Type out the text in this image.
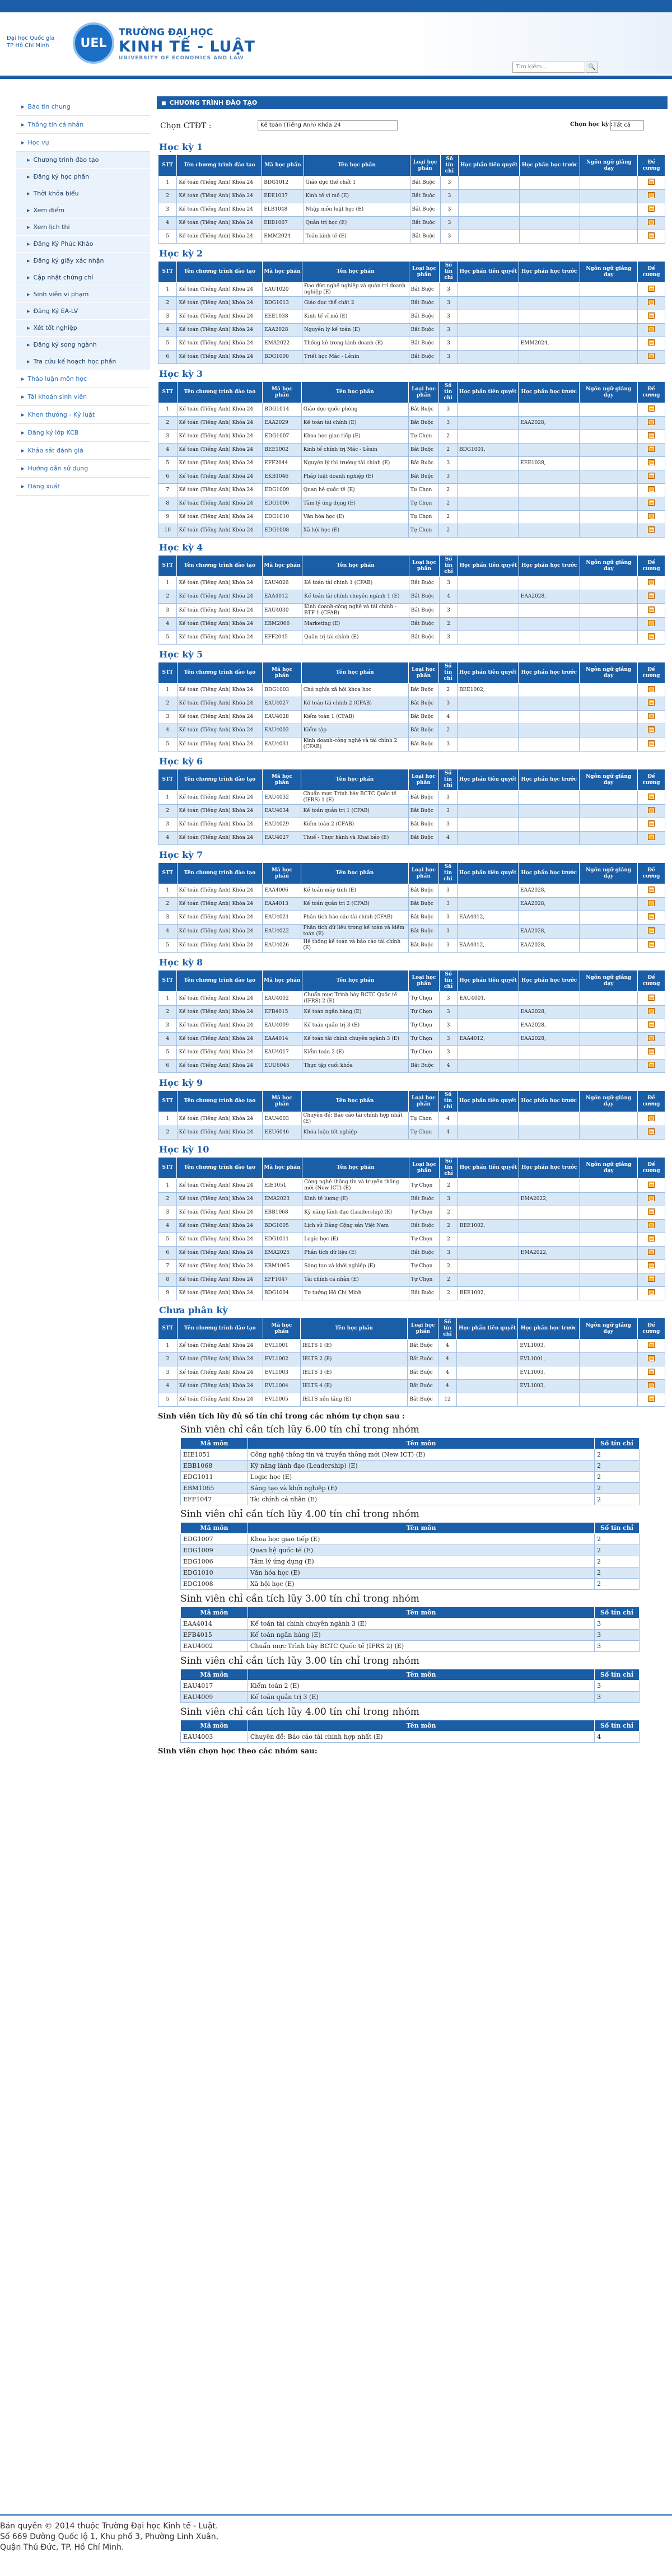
Đại học Quốc gia
TP Hồ Chí Minh	UEL
TRƯỜNG ĐẠI HỌC
KINH TẾ - LUẬT
UNIVERSITY OF ECONOMICS AND LAW
Tìm kiếm...	🔍
▸ Báo tin chung
▸ Thông tin cá nhân
▸ Học vụ
▸ Chương trình đào tạo
▸ Đăng ký học phần
▸ Thời khóa biểu
▸ Xem điểm
▸ Xem lịch thi
▸ Đăng Ký Phúc Khảo
▸ Đăng ký giấy xác nhận
▸ Cập nhật chứng chỉ
▸ Sinh viên vi phạm
▸ Đăng Ký EA-LV
▸ Xét tốt nghiệp
▸ Đăng ký song ngành
▸ Tra cứu kế hoạch học phần
▸ Thảo luận môn học
▸ Tài khoản sinh viên
▸ Khen thưởng - Kỷ luật
▸ Đăng ký lớp KCB
▸ Khảo sát đánh giá
▸ Hướng dẫn sử dụng
▸ Đăng xuất
■ CHƯƠNG TRÌNH ĐÀO TẠO
Chọn CTĐT :	Kế toán (Tiếng Anh) Khóa 24	Chọn học kỳ : Tất cả
Học kỳ 1
STT	Tên chương trình đào tạo	Mã học phần	Tên học phần	Loại học phần	Số tín chỉ	Học phần tiên quyết	Học phần học trước	Ngôn ngữ giảng dạy	Đề cương
1	Kế toán (Tiếng Anh) Khóa 24	BDG1012	Giáo dục thể chất 1	Bắt Buộc	3				
2	Kế toán (Tiếng Anh) Khóa 24	EEE1037	Kinh tế vi mô (E)	Bắt Buộc	3				
3	Kế toán (Tiếng Anh) Khóa 24	ELB1048	Nhập môn luật học (E)	Bắt Buộc	3				
4	Kế toán (Tiếng Anh) Khóa 24	EBB1067	Quản trị học (E)	Bắt Buộc	3				
5	Kế toán (Tiếng Anh) Khóa 24	EMM2024	Toán kinh tế (E)	Bắt Buộc	3				
Học kỳ 2
STT	Tên chương trình đào tạo	Mã học phần	Tên học phần	Loại học phần	Số tín chỉ	Học phần tiên quyết	Học phần học trước	Ngôn ngữ giảng dạy	Đề cương
1	Kế toán (Tiếng Anh) Khóa 24	EAU1020	Đạo đức nghề nghiệp và quản trị doanh nghiệp (E)	Bắt Buộc	3				
2	Kế toán (Tiếng Anh) Khóa 24	BDG1013	Giáo dục thể chất 2	Bắt Buộc	3				
3	Kế toán (Tiếng Anh) Khóa 24	EEE1038	Kinh tế vĩ mô (E)	Bắt Buộc	3				
4	Kế toán (Tiếng Anh) Khóa 24	EAA2028	Nguyên lý kế toán (E)	Bắt Buộc	3				
5	Kế toán (Tiếng Anh) Khóa 24	EMA2022	Thống kê trong kinh doanh (E)	Bắt Buộc	3		EMM2024,		
6	Kế toán (Tiếng Anh) Khóa 24	BDG1000	Triết học Mác - Lênin	Bắt Buộc	3				
Học kỳ 3
STT	Tên chương trình đào tạo	Mã học phần	Tên học phần	Loại học phần	Số tín chỉ	Học phần tiên quyết	Học phần học trước	Ngôn ngữ giảng dạy	Đề cương
1	Kế toán (Tiếng Anh) Khóa 24	BDG1014	Giáo dục quốc phòng	Bắt Buộc	3				
2	Kế toán (Tiếng Anh) Khóa 24	EAA2029	Kế toán tài chính (E)	Bắt Buộc	3		EAA2028,		
3	Kế toán (Tiếng Anh) Khóa 24	EDG1007	Khoa học giao tiếp (E)	Tự Chọn	2				
4	Kế toán (Tiếng Anh) Khóa 24	BEE1002	Kinh tế chính trị Mác - Lênin	Bắt Buộc	2	BDG1001,			
5	Kế toán (Tiếng Anh) Khóa 24	EFF2044	Nguyên lý thị trường tài chính (E)	Bắt Buộc	3		EEE1038,		
6	Kế toán (Tiếng Anh) Khóa 24	EKB1046	Pháp luật doanh nghiệp (E)	Bắt Buộc	3				
7	Kế toán (Tiếng Anh) Khóa 24	EDG1009	Quan hệ quốc tế (E)	Tự Chọn	2				
8	Kế toán (Tiếng Anh) Khóa 24	EDG1006	Tâm lý ứng dụng (E)	Tự Chọn	2				
9	Kế toán (Tiếng Anh) Khóa 24	EDG1010	Văn hóa học (E)	Tự Chọn	2				
10	Kế toán (Tiếng Anh) Khóa 24	EDG1008	Xã hội học (E)	Tự Chọn	2				
Học kỳ 4
STT	Tên chương trình đào tạo	Mã học phần	Tên học phần	Loại học phần	Số tín chỉ	Học phần tiên quyết	Học phần học trước	Ngôn ngữ giảng dạy	Đề cương
1	Kế toán (Tiếng Anh) Khóa 24	EAU4026	Kế toán tài chính 1 (CFAB)	Bắt Buộc	3				
2	Kế toán (Tiếng Anh) Khóa 24	EAA4012	Kế toán tài chính chuyên ngành 1 (E)	Bắt Buộc	4		EAA2028,		
3	Kế toán (Tiếng Anh) Khóa 24	EAU4030	Kinh doanh-công nghệ và tài chính - BTF 1 (CFAB)	Bắt Buộc	3				
4	Kế toán (Tiếng Anh) Khóa 24	EBM2066	Marketing (E)	Bắt Buộc	2				
5	Kế toán (Tiếng Anh) Khóa 24	EFF2045	Quản trị tài chính (E)	Bắt Buộc	3				
Học kỳ 5
STT	Tên chương trình đào tạo	Mã học phần	Tên học phần	Loại học phần	Số tín chỉ	Học phần tiên quyết	Học phần học trước	Ngôn ngữ giảng dạy	Đề cương
1	Kế toán (Tiếng Anh) Khóa 24	BDG1003	Chủ nghĩa xã hội khoa học	Bắt Buộc	2	BEE1002,			
2	Kế toán (Tiếng Anh) Khóa 24	EAU4027	Kế toán tài chính 2 (CFAB)	Bắt Buộc	3				
3	Kế toán (Tiếng Anh) Khóa 24	EAU4028	Kiểm toán 1 (CFAB)	Bắt Buộc	4				
4	Kế toán (Tiếng Anh) Khóa 24	EAU4002	Kiểm tập	Bắt Buộc	2				
5	Kế toán (Tiếng Anh) Khóa 24	EAU4031	Kinh doanh-công nghệ và tài chính 2 (CFAB)	Bắt Buộc	3				
Học kỳ 6
STT	Tên chương trình đào tạo	Mã học phần	Tên học phần	Loại học phần	Số tín chỉ	Học phần tiên quyết	Học phần học trước	Ngôn ngữ giảng dạy	Đề cương
1	Kế toán (Tiếng Anh) Khóa 24	EAU4032	Chuẩn mực Trình bày BCTC Quốc tế (IFRS) 1 (E)	Bắt Buộc	3				
2	Kế toán (Tiếng Anh) Khóa 24	EAU4034	Kế toán quản trị 1 (CFAB)	Bắt Buộc	3				
3	Kế toán (Tiếng Anh) Khóa 24	EAU4029	Kiểm toán 2 (CFAB)	Bắt Buộc	3				
4	Kế toán (Tiếng Anh) Khóa 24	EAU4027	Thuế - Thực hành và Khai báo (E)	Bắt Buộc	4				
Học kỳ 7
STT	Tên chương trình đào tạo	Mã học phần	Tên học phần	Loại học phần	Số tín chỉ	Học phần tiên quyết	Học phần học trước	Ngôn ngữ giảng dạy	Đề cương
1	Kế toán (Tiếng Anh) Khóa 24	EAA4006	Kế toán máy tính (E)	Bắt Buộc	3		EAA2028,		
2	Kế toán (Tiếng Anh) Khóa 24	EAA4013	Kế toán quản trị 2 (CFAB)	Bắt Buộc	3		EAA2028,		
3	Kế toán (Tiếng Anh) Khóa 24	EAU4021	Phân tích báo cáo tài chính (CFAB)	Bắt Buộc	3	EAA4012,			
4	Kế toán (Tiếng Anh) Khóa 24	EAU4022	Phân tích dữ liệu trong kế toán và kiểm toán (E)	Bắt Buộc	3		EAA2028,		
5	Kế toán (Tiếng Anh) Khóa 24	EAU4026	Hệ thống kế toán và báo cáo tài chính (E)	Bắt Buộc	3	EAA4012,	EAA2028,		
Học kỳ 8
STT	Tên chương trình đào tạo	Mã học phần	Tên học phần	Loại học phần	Số tín chỉ	Học phần tiên quyết	Học phần học trước	Ngôn ngữ giảng dạy	Đề cương
1	Kế toán (Tiếng Anh) Khóa 24	EAU4002	Chuẩn mực Trình bày BCTC Quốc tế (IFRS) 2 (E)	Tự Chọn	3	EAU4001,			
2	Kế toán (Tiếng Anh) Khóa 24	EFB4015	Kế toán ngân hàng (E)	Tự Chọn	3		EAA2028,		
3	Kế toán (Tiếng Anh) Khóa 24	EAU4009	Kế toán quản trị 3 (E)	Tự Chọn	3		EAA2028,		
4	Kế toán (Tiếng Anh) Khóa 24	EAA4014	Kế toán tài chính chuyên ngành 3 (E)	Tự Chọn	3	EAA4012,	EAA2028,		
5	Kế toán (Tiếng Anh) Khóa 24	EAU4017	Kiểm toán 2 (E)	Tự Chọn	3				
6	Kế toán (Tiếng Anh) Khóa 24	EUU6045	Thực tập cuối khóa	Bắt Buộc	4				
Học kỳ 9
STT	Tên chương trình đào tạo	Mã học phần	Tên học phần	Loại học phần	Số tín chỉ	Học phần tiên quyết	Học phần học trước	Ngôn ngữ giảng dạy	Đề cương
1	Kế toán (Tiếng Anh) Khóa 24	EAU4003	Chuyên đề: Báo cáo tài chính hợp nhất (E)	Tự Chọn	4				
2	Kế toán (Tiếng Anh) Khóa 24	EEU6046	Khóa luận tốt nghiệp	Tự Chọn	4				
Học kỳ 10
STT	Tên chương trình đào tạo	Mã học phần	Tên học phần	Loại học phần	Số tín chỉ	Học phần tiên quyết	Học phần học trước	Ngôn ngữ giảng dạy	Đề cương
1	Kế toán (Tiếng Anh) Khóa 24	EIE1051	Công nghệ thông tin và truyền thông mới (New ICT) (E)	Tự Chọn	2				
2	Kế toán (Tiếng Anh) Khóa 24	EMA2023	Kinh tế lượng (E)	Bắt Buộc	3		EMA2022,		
3	Kế toán (Tiếng Anh) Khóa 24	EBB1068	Kỹ năng lãnh đạo (Leadership) (E)	Tự Chọn	2				
4	Kế toán (Tiếng Anh) Khóa 24	BDG1005	Lịch sử Đảng Cộng sản Việt Nam	Bắt Buộc	2	BEE1002,			
5	Kế toán (Tiếng Anh) Khóa 24	EDG1011	Logic học (E)	Tự Chọn	2				
6	Kế toán (Tiếng Anh) Khóa 24	EMA2025	Phân tích dữ liệu (E)	Bắt Buộc	3		EMA2022,		
7	Kế toán (Tiếng Anh) Khóa 24	EBM1065	Sáng tạo và khởi nghiệp (E)	Tự Chọn	2				
8	Kế toán (Tiếng Anh) Khóa 24	EFF1047	Tài chính cá nhân (E)	Tự Chọn	2				
9	Kế toán (Tiếng Anh) Khóa 24	BDG1004	Tư tưởng Hồ Chí Minh	Bắt Buộc	2	BEE1002,			
Chưa phân kỳ
STT	Tên chương trình đào tạo	Mã học phần	Tên học phần	Loại học phần	Số tín chỉ	Học phần tiên quyết	Học phần học trước	Ngôn ngữ giảng dạy	Đề cương
1	Kế toán (Tiếng Anh) Khóa 24	EVL1001	IELTS 1 (E)	Bắt Buộc	4		EVL1003,		
2	Kế toán (Tiếng Anh) Khóa 24	EVL1002	IELTS 2 (E)	Bắt Buộc	4		EVL1001,		
3	Kế toán (Tiếng Anh) Khóa 24	EVL1003	IELTS 3 (E)	Bắt Buộc	4		EVL1003,		
4	Kế toán (Tiếng Anh) Khóa 24	EVL1004	IELTS 4 (E)	Bắt Buộc	4		EVL1003,		
5	Kế toán (Tiếng Anh) Khóa 24	EVL1005	IELTS nền tảng (E)	Bắt Buộc	12				
Sinh viên tích lũy đủ số tín chỉ trong các nhóm tự chọn sau :
Sinh viên chỉ cần tích lũy 6.00 tín chỉ trong nhóm
Mã môn	Tên môn	Số tín chỉ
EIE1051	Công nghệ thông tin và truyền thông mới (New ICT) (E)	2
EBB1068	Kỹ năng lãnh đạo (Leadership) (E)	2
EDG1011	Logic học (E)	2
EBM1065	Sáng tạo và khởi nghiệp (E)	2
EFF1047	Tài chính cá nhân (E)	2
Sinh viên chỉ cần tích lũy 4.00 tín chỉ trong nhóm
Mã môn	Tên môn	Số tín chỉ
EDG1007	Khoa học giao tiếp (E)	2
EDG1009	Quan hệ quốc tế (E)	2
EDG1006	Tâm lý ứng dụng (E)	2
EDG1010	Văn hóa học (E)	2
EDG1008	Xã hội học (E)	2
Sinh viên chỉ cần tích lũy 3.00 tín chỉ trong nhóm
Mã môn	Tên môn	Số tín chỉ
EAA4014	Kế toán tài chính chuyên ngành 3 (E)	3
EFB4015	Kế toán ngân hàng (E)	3
EAU4002	Chuẩn mực Trình bày BCTC Quốc tế (IFRS 2) (E)	3
Sinh viên chỉ cần tích lũy 3.00 tín chỉ trong nhóm
Mã môn	Tên môn	Số tín chỉ
EAU4017	Kiểm toán 2 (E)	3
EAU4009	Kế toán quản trị 3 (E)	3
Sinh viên chỉ cần tích lũy 4.00 tín chỉ trong nhóm
Mã môn	Tên môn	Số tín chỉ
EAU4003	Chuyên đề: Báo cáo tài chính hợp nhất (E)	4
Sinh viên chọn học theo các nhóm sau:
Bản quyền © 2014 thuộc Trường Đại học Kinh tế - Luật.
Số 669 Đường Quốc lộ 1, Khu phố 3, Phường Linh Xuân,
Quận Thủ Đức, TP. Hồ Chí Minh.
